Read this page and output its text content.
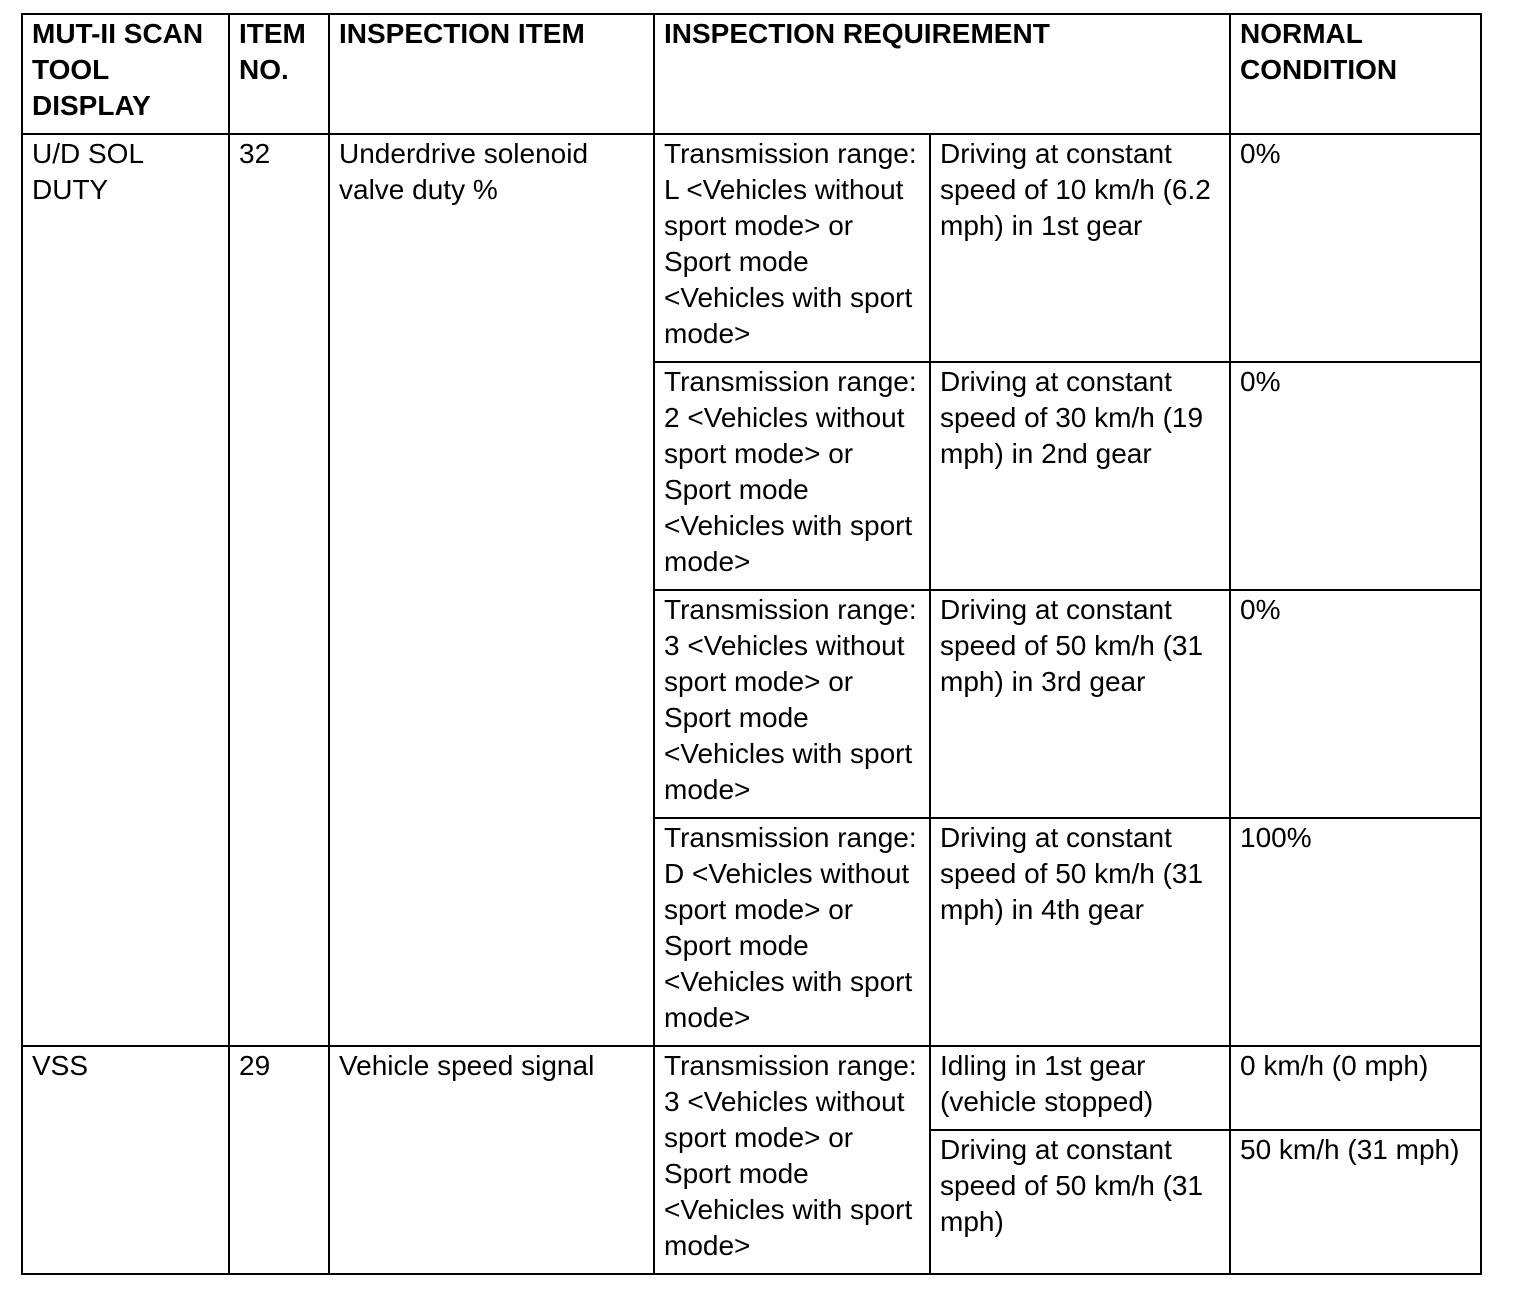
MUT-II SCAN TOOL DISPLAY	ITEM NO.	INSPECTION ITEM	INSPECTION REQUIREMENT		NORMAL CONDITION
U/D SOL DUTY	32	Underdrive solenoid valve duty %	Transmission range: L <Vehicles without sport mode> or Sport mode <Vehicles with sport mode>	Driving at constant speed of 10 km/h (6.2 mph) in 1st gear	0%
			Transmission range: 2 <Vehicles without sport mode> or Sport mode <Vehicles with sport mode>	Driving at constant speed of 30 km/h (19 mph) in 2nd gear	0%
			Transmission range: 3 <Vehicles without sport mode> or Sport mode <Vehicles with sport mode>	Driving at constant speed of 50 km/h (31 mph) in 3rd gear	0%
			Transmission range: D <Vehicles without sport mode> or Sport mode <Vehicles with sport mode>	Driving at constant speed of 50 km/h (31 mph) in 4th gear	100%
VSS	29	Vehicle speed signal	Transmission range: 3 <Vehicles without sport mode> or Sport mode <Vehicles with sport mode>	Idling in 1st gear (vehicle stopped)	0 km/h (0 mph)
				Driving at constant speed of 50 km/h (31 mph)	50 km/h (31 mph)
